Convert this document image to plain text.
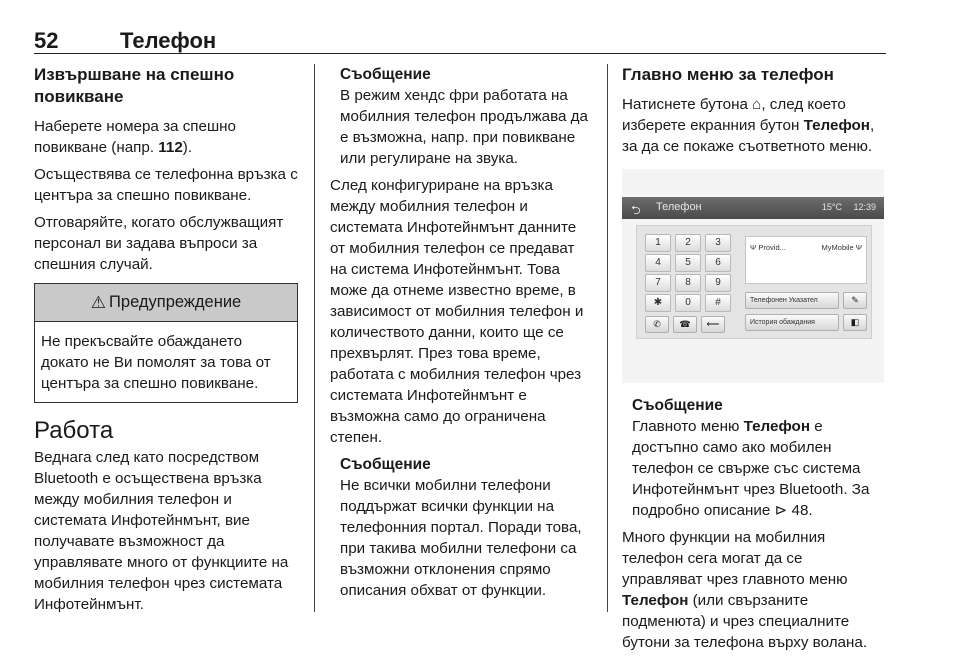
52	Телефон
Извършване на спешно повикване

Наберете номера за спешно повикване (напр. 112).

Осъществява се телефонна връзка с центъра за спешно повикване.

Отговаряйте, когато обслужващият персонал ви задава въпроси за спешния случай.

⚠ Предупреждение
Не прекъсвайте обаждането докато не Ви помолят за това от центъра за спешно повикване.
Работа

Веднага след като посредством Bluetooth е осъществена връзка между мобилния телефон и системата Инфотейнмънт, вие получавате възможност да управлявате много от функциите на мобилния телефон чрез системата Инфотейнмънт.

Съобщение

В режим хендс фри работата на мобилния телефон продължава да е възможна, напр. при повикване или регулиране на звука.

След конфигуриране на връзка между мобилния телефон и системата Инфотейнмънт данните от мобилния телефон се предават на система Инфотейнмънт. Това може да отнеме известно време, в зависимост от мобилния телефон и количеството данни, които ще се прехвърлят. През това време, работата с мобилния телефон чрез системата Инфотейнмънт е възможна само до ограничена степен.

Съобщение

Не всички мобилни телефони поддържат всички функции на телефонния портал. Поради това, при такива мобилни телефони са възможни отклонения спрямо описания обхват от функции.

Главно меню за телефон

Натиснете бутона ⌂, след което изберете екранния бутон Телефон, за да се покаже съответното меню.

⮌ Телефон	15°C 12:39
1	2	3
4	5	6
7	8	9
✱	0	#
✆	☎	⟵
Ψ Provid...	MyMobile Ψ
Телефонен Указател	✎
История обаждания	◧
Съобщение

Главното меню Телефон е достъпно само ако мобилен телефон се свърже със система Инфотейнмънт чрез Bluetooth. За подробно описание ⊳ 48.

Много функции на мобилния телефон сега могат да се управляват чрез главното меню Телефон (или свързаните подменюта) и чрез специалните бутони за телефона върху волана.
